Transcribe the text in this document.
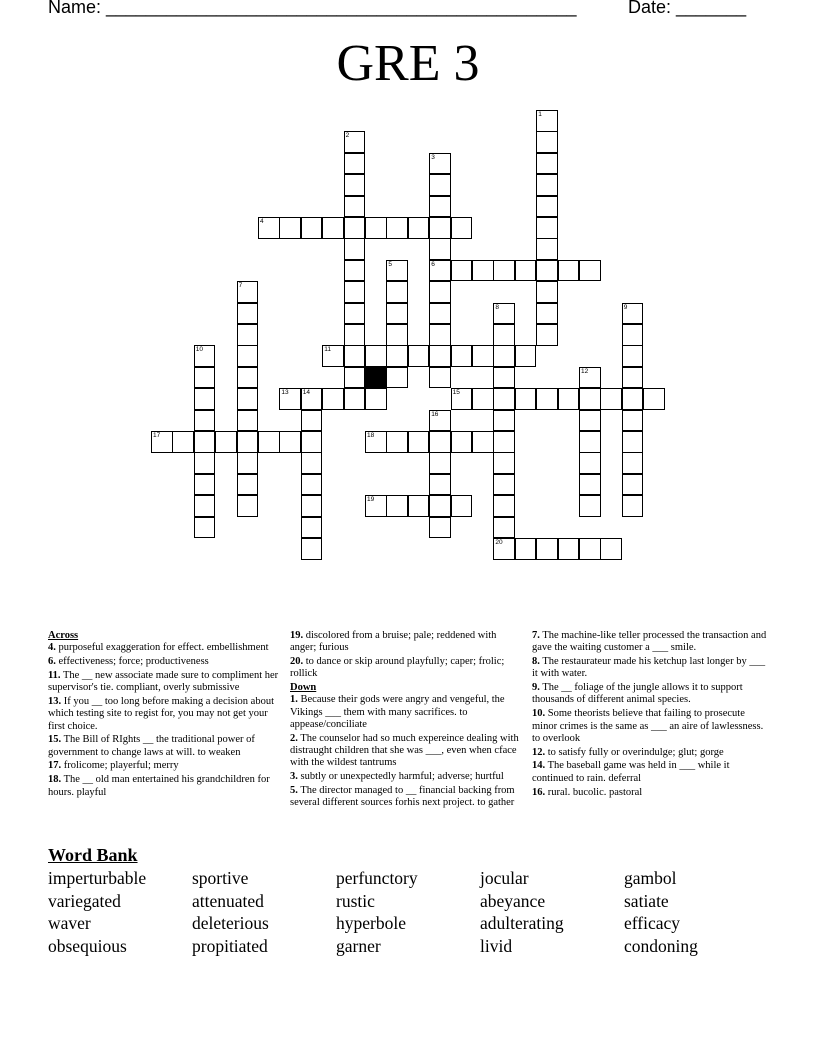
Name: _______________________________________________	Date: _______
GRE 3
1
2
3
6
4
5
7
8	9
10	11
12
13 14	15
16
17	18
19
20
Across
4. purposeful exaggeration for effect. embellishment
6. effectiveness; force; productiveness
11. The __ new associate made sure to compliment her supervisor's tie. compliant, overly submissive
13. If you __ too long before making a decision about which testing site to regist for, you may not get your first choice.
15. The Bill of RIghts __ the traditional power of government to change laws at will. to weaken
17. frolicome; playerful; merry
18. The __ old man entertained his grandchildren for hours. playful
19. discolored from a bruise; pale; reddened with anger; furious
20. to dance or skip around playfully; caper; frolic; rollick
Down
1. Because their gods were angry and vengeful, the Vikings ___ them with many sacrifices. to appease/conciliate
2. The counselor had so much expereince dealing with distraught children that she was ___, even when cface with the wildest tantrums
3. subtly or unexpectedly harmful; adverse; hurtful
5. The director managed to __ financial backing from several different sources forhis next project. to gather
7. The machine-like teller processed the transaction and gave the waiting customer a ___ smile.
8. The restaurateur made his ketchup last longer by ___ it with water.
9. The __ foliage of the jungle allows it to support thousands of different animal species.
10. Some theorists believe that failing to prosecute minor crimes is the same as ___ an aire of lawlessness. to overlook
12. to satisfy fully or overindulge; glut; gorge
14. The baseball game was held in ___ while it continued to rain. deferral
16. rural. bucolic. pastoral
Word Bank
imperturbable	sportive	perfunctory	jocular	gambol
variegated	attenuated	rustic	abeyance	satiate
waver	deleterious	hyperbole	adulterating	efficacy
obsequious	propitiated	garner	livid	condoning
